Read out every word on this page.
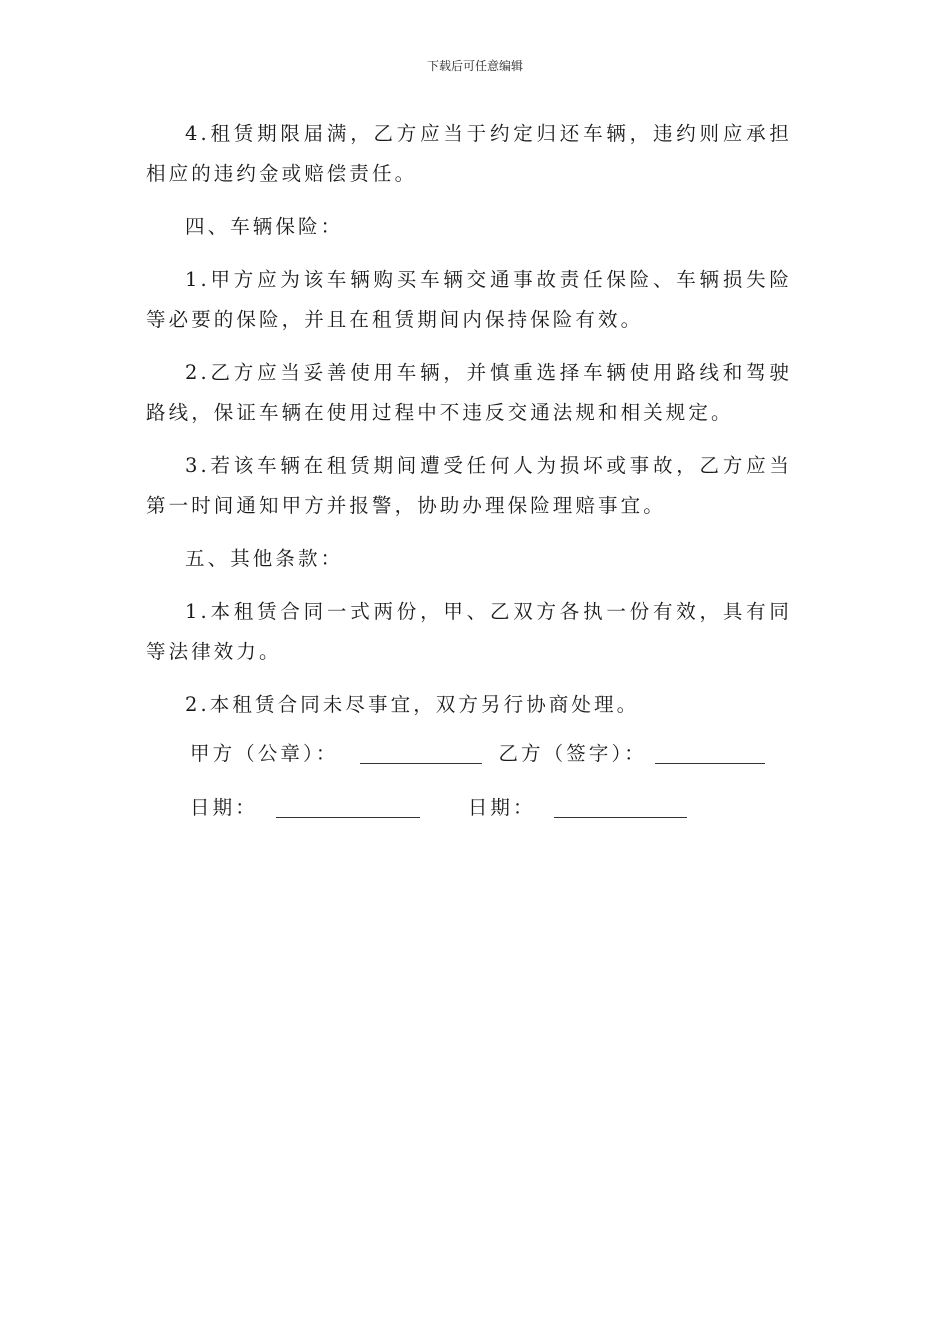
下载后可任意编辑

4.租赁期限届满，乙方应当于约定归还车辆，违约则应承担相应的违约金或赔偿责任。

四、车辆保险：

1.甲方应为该车辆购买车辆交通事故责任保险、车辆损失险等必要的保险，并且在租赁期间内保持保险有效。

2.乙方应当妥善使用车辆，并慎重选择车辆使用路线和驾驶路线，保证车辆在使用过程中不违反交通法规和相关规定。

3.若该车辆在租赁期间遭受任何人为损坏或事故，乙方应当第一时间通知甲方并报警，协助办理保险理赔事宜。

五、其他条款：

1.本租赁合同一式两份，甲、乙双方各执一份有效，具有同等法律效力。

2.本租赁合同未尽事宜，双方另行协商处理。

甲方（公章）：	乙方（签字）：
日期：	日期：
